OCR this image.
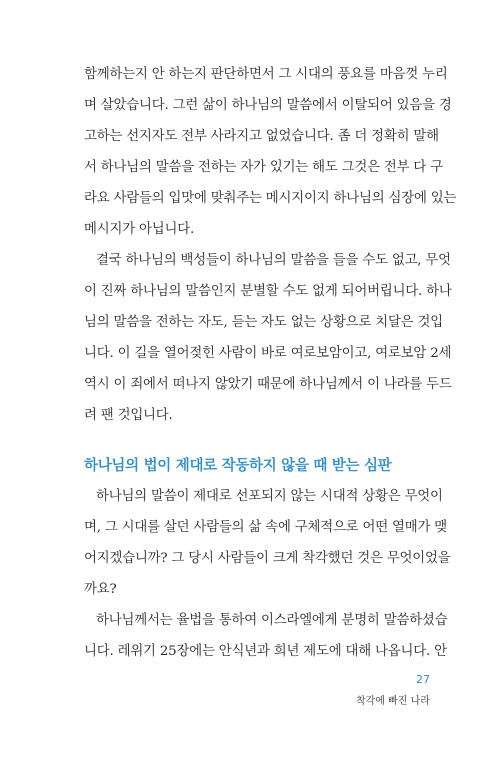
함께하는지 안 하는지 판단하면서 그 시대의 풍요를 마음껏 누리
며 살았습니다. 그런 삶이 하나님의 말씀에서 이탈되어 있음을 경
고하는 선지자도 전부 사라지고 없었습니다. 좀 더 정확히 말해
서 하나님의 말씀을 전하는 자가 있기는 해도 그것은 전부 다 구
라요 사람들의 입맛에 맞춰주는 메시지이지 하나님의 심장에 있는
메시지가 아닙니다.
결국 하나님의 백성들이 하나님의 말씀을 들을 수도 없고, 무엇
이 진짜 하나님의 말씀인지 분별할 수도 없게 되어버립니다. 하나
님의 말씀을 전하는 자도, 듣는 자도 없는 상황으로 치달은 것입
니다. 이 길을 열어젖힌 사람이 바로 여로보암이고, 여로보암 2세
역시 이 죄에서 떠나지 않았기 때문에 하나님께서 이 나라를 두드
려 팬 것입니다.
하나님의 법이 제대로 작동하지 않을 때 받는 심판
하나님의 말씀이 제대로 선포되지 않는 시대적 상황은 무엇이
며, 그 시대를 살던 사람들의 삶 속에 구체적으로 어떤 열매가 맺
어지겠습니까? 그 당시 사람들이 크게 착각했던 것은 무엇이었을
까요?
하나님께서는 율법을 통하여 이스라엘에게 분명히 말씀하셨습
니다. 레위기 25장에는 안식년과 희년 제도에 대해 나옵니다. 안
27
착각에 빠진 나라
